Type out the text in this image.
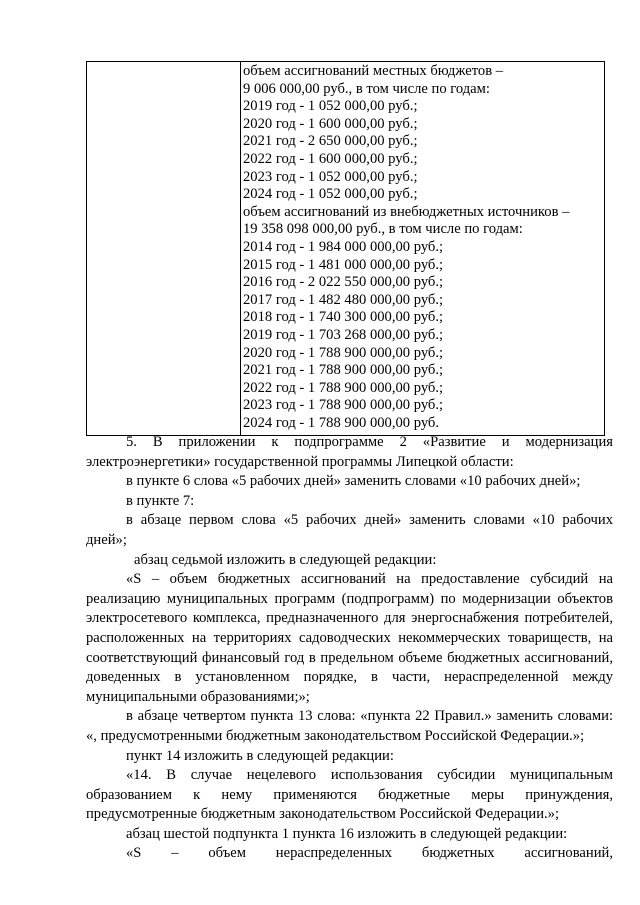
объем ассигнований местных бюджетов –
9 006 000,00 руб., в том числе по годам:
2019 год - 1 052 000,00 руб.;
2020 год - 1 600 000,00 руб.;
2021 год - 2 650 000,00 руб.;
2022 год - 1 600 000,00 руб.;
2023 год - 1 052 000,00 руб.;
2024 год - 1 052 000,00 руб.;
объем ассигнований из внебюджетных источников –
19 358 098 000,00 руб., в том числе по годам:
2014 год - 1 984 000 000,00 руб.;
2015 год - 1 481 000 000,00 руб.;
2016 год - 2 022 550 000,00 руб.;
2017 год - 1 482 480 000,00 руб.;
2018 год - 1 740 300 000,00 руб.;
2019 год - 1 703 268 000,00 руб.;
2020 год - 1 788 900 000,00 руб.;
2021 год - 1 788 900 000,00 руб.;
2022 год - 1 788 900 000,00 руб.;
2023 год - 1 788 900 000,00 руб.;
2024 год - 1 788 900 000,00 руб.

5. В приложении к подпрограмме 2 «Развитие и модернизация электроэнергетики» государственной программы Липецкой области:

в пункте 6 слова «5 рабочих дней» заменить словами «10 рабочих дней»;

в пункте 7:

в абзаце первом слова «5 рабочих дней» заменить словами «10 рабочих дней»;

абзац седьмой изложить в следующей редакции:

«S – объем бюджетных ассигнований на предоставление субсидий на реализацию муниципальных программ (подпрограмм) по модернизации объектов электросетевого комплекса, предназначенного для энергоснабжения потребителей, расположенных на территориях садоводческих некоммерческих товариществ, на соответствующий финансовый год в предельном объеме бюджетных ассигнований, доведенных в установленном порядке, в части, нераспределенной между муниципальными образованиями;»;

в абзаце четвертом пункта 13 слова: «пункта 22 Правил.» заменить словами: «, предусмотренными бюджетным законодательством Российской Федерации.»;

пункт 14 изложить в следующей редакции:

«14. В случае нецелевого использования субсидии муниципальным образованием к нему применяются бюджетные меры принуждения, предусмотренные бюджетным законодательством Российской Федерации.»;

абзац шестой подпункта 1 пункта 16 изложить в следующей редакции:

«S – объем нераспределенных бюджетных ассигнований,
